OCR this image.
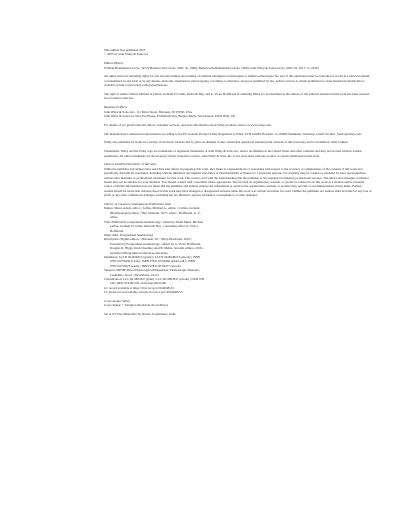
This edition first published 2025

© 2025 by John Wiley & Sons Ltd

Edition History

William Heinemann Ltd (1e, 1972), Butterworth Ltd (2e, 1981; 3e, 1989), Butterworth-Heinemann Ltd (4e, 1999), John Wiley & Sons Ltd (5e, 2005; 6e, 2011; 7e, 2016)

All rights reserved, including rights for text and data mining and training of artificial intelligence technologies or similar technologies. No part of this publication may be reproduced, stored in a retrieval system, or transmitted, in any form or by any means, electronic, mechanical, photocopying, recording or otherwise, except as permitted by law. Advice on how to obtain permission to reuse material from this title is available at http://www.wiley.com/go/permissions.

The right of Adam J Mead, Michael A Laffan, Graham P Collins, Deborah Hay, and A. Victor Hoffbrand (Consulting Editor) to be identified as the authors of the editorial material in this work has been asserted in accordance with law.

Registered Offices

John Wiley & Sons, Inc., 111 River Street, Hoboken, NJ 07030, USA

John Wiley & Sons Ltd, New Era House, 8 Oldlands Way, Bognor Regis, West Sussex, PO22 9NQ, UK

For details of our global editorial offices, customer services, and more information about Wiley products visit us at www.wiley.com.

The manufacturer's authorized representative according to the EU General Product Safety Regulation is Wiley-VCH GmbH, Boschstr. 12, 69469 Weinheim, Germany, e-mail: Product_Safety@wiley.com.

Wiley also publishes its books in a variety of electronic formats and by print-on-demand. Some content that appears in standard print versions of this book may not be available in other formats.

Trademarks: Wiley and the Wiley logo are trademarks or registered trademarks of John Wiley & Sons, Inc. and/or its affiliates in the United States and other countries and may not be used without written permission. All other trademarks are the property of their respective owners. John Wiley & Sons, Inc. is not associated with any product or vendor mentioned in this book.

Limit of Liability/Disclaimer of Warranty

While the publisher and authors have used their best efforts in preparing this work, they make no representations or warranties with respect to the accuracy or completeness of the contents of this work and specifically disclaim all warranties, including without limitation any implied warranties of merchantability or fitness for a particular purpose. No warranty may be created or extended by sales representatives, written sales materials or promotional statements for this work. This work is sold with the understanding that the publisher is not engaged in rendering professional services. The advice and strategies contained herein may not be suitable for your situation. You should consult with a specialist where appropriate. The fact that an organization, website, or product is referred to in this work as a citation and/or potential source of further information does not mean that the publisher and authors endorse the information or services the organization, website, or product may provide or recommendations it may make. Further, readers should be aware that websites listed in this work may have changed or disappeared between when this work was written and when it is read. Neither the publisher nor authors shall be liable for any loss of profit or any other commercial damages, including but not limited to special, incidental, consequential, or other damages.

Library of Congress Cataloging-in-Publication Data

Names: Mead, Adam, editor. | Laffan, Michael A., editor. | Collins, Graham

(Haematologist) editor. | Hay, Deborah, 1977- editor. | Hoffbrand, A. V.,

editor.

Title: Hoffbrand's postgraduate haematology / edited by Adam Mead, Michael

Laffan, Graham P Collins, Deborah Hay ; consulting editor, A. Victor

Hoffbrand.

Other titles: Postgraduate haematology

Description: Eighth edition. | Hoboken, NJ : Wiley-Blackwell, 2025. |

Preceded by Postgraduate haematology / edited by A. Victor Hoffbrand,

Douglas R. Higgs, David Keeling, Atul B. Mehta. Seventh edition. 2016. |

Includes bibliographical references and index.

Identifiers: LCCN 2024048152 (print) | LCCN 2024048153 (ebook) | ISBN

9781119756439 (cloth) | ISBN 9781119756460 (adobe pdf) | ISBN

9781119756476 (epub) | ISBN 9781119756477 (ebook)

Subjects: MESH: Blood Physiological Phenomena | Hematologic Diseases |

Leukemia--blood | Thrombosis--blood

Classification: LCC RC280.H47 (print) | LCC RC280.H47 (ebook) | NLM WH

100 | DDC 616.99/418--dc23/eng/20241206

LC record available at https://lccn.loc.gov/2024048152

LC ebook record available at https://lccn.loc.gov/2024048153

Cover design: Wiley

Cover image: © Design Cells/Adobe Stock Photos

Set in 9.5/12pt MinionPro by Straive, Pondicherry, India
